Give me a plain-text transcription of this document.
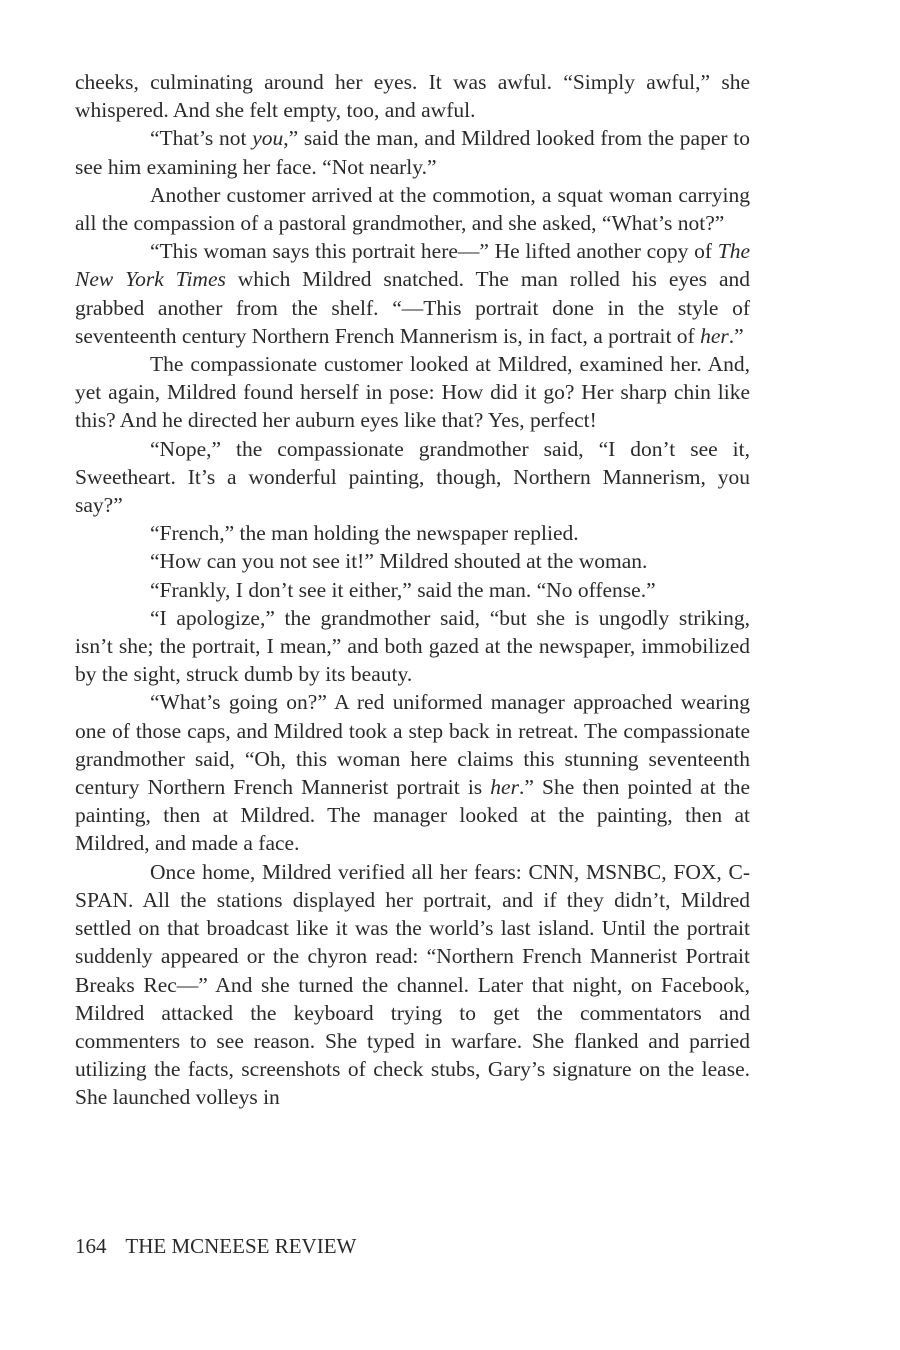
cheeks, culminating around her eyes. It was awful. “Simply awful,” she whispered. And she felt empty, too, and awful.

“That’s not you,” said the man, and Mildred looked from the paper to see him examining her face. “Not nearly.”

Another customer arrived at the commotion, a squat woman carrying all the compassion of a pastoral grandmother, and she asked, “What’s not?”

“This woman says this portrait here—” He lifted another copy of The New York Times which Mildred snatched. The man rolled his eyes and grabbed another from the shelf. “—This portrait done in the style of seventeenth century Northern French Mannerism is, in fact, a portrait of her.”

The compassionate customer looked at Mildred, examined her. And, yet again, Mildred found herself in pose: How did it go? Her sharp chin like this? And he directed her auburn eyes like that? Yes, perfect!

“Nope,” the compassionate grandmother said, “I don’t see it, Sweetheart. It’s a wonderful painting, though, Northern Mannerism, you say?”

“French,” the man holding the newspaper replied.

“How can you not see it!” Mildred shouted at the woman.

“Frankly, I don’t see it either,” said the man. “No offense.”

“I apologize,” the grandmother said, “but she is ungodly striking, isn’t she; the portrait, I mean,” and both gazed at the newspaper, immobilized by the sight, struck dumb by its beauty.

“What’s going on?” A red uniformed manager approached wearing one of those caps, and Mildred took a step back in retreat. The compassionate grandmother said, “Oh, this woman here claims this stunning seventeenth century Northern French Mannerist portrait is her.” She then pointed at the painting, then at Mildred. The manager looked at the painting, then at Mildred, and made a face.

Once home, Mildred verified all her fears: CNN, MSNBC, FOX, C-SPAN. All the stations displayed her portrait, and if they didn’t, Mildred settled on that broadcast like it was the world’s last island. Until the portrait suddenly appeared or the chyron read: “Northern French Mannerist Portrait Breaks Rec—” And she turned the channel. Later that night, on Facebook, Mildred attacked the keyboard trying to get the commentators and commenters to see reason. She typed in warfare. She flanked and parried utilizing the facts, screenshots of check stubs, Gary’s signature on the lease. She launched volleys in

164 THE MCNEESE REVIEW
